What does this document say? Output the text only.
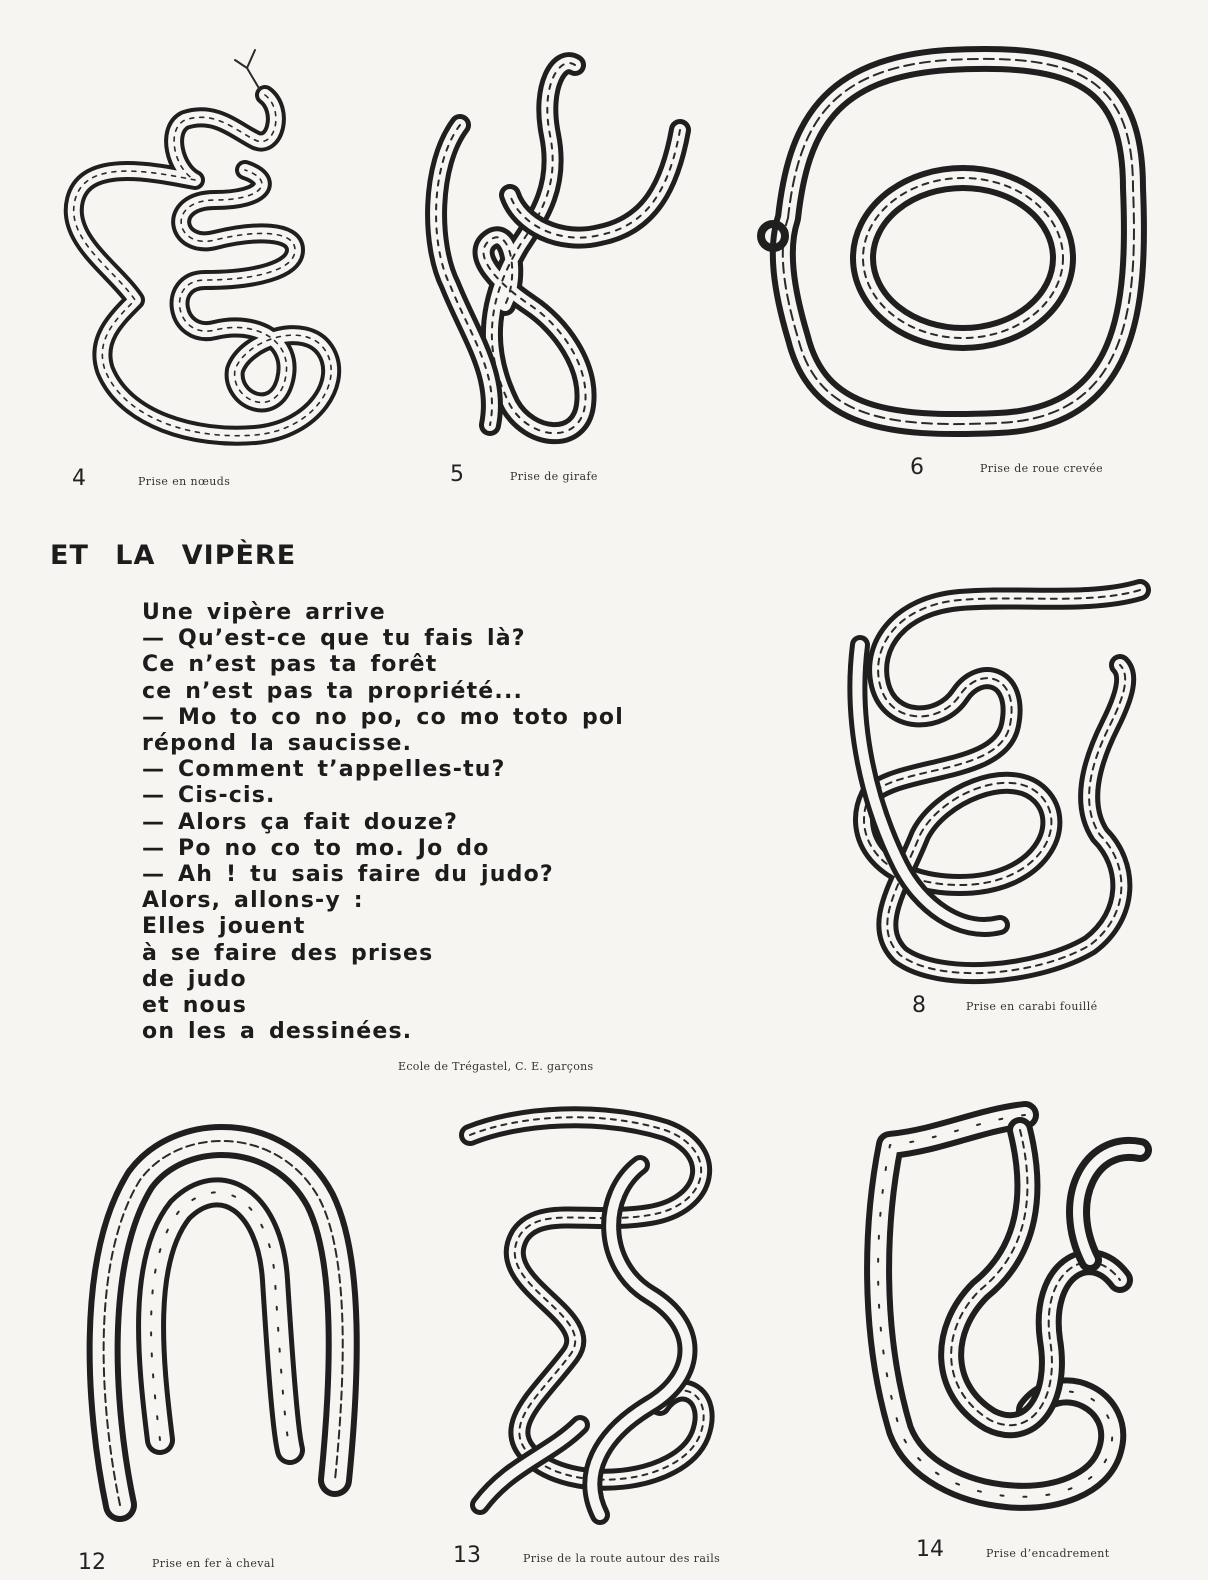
4	Prise en nœuds	5	Prise de girafe	6	Prise de roue crevée
ET LA VIPÈRE
Une vipère arrive
— Qu’est-ce que tu fais là?
Ce n’est pas ta forêt
ce n’est pas ta propriété...
— Mo to co no po, co mo toto pol
répond la saucisse.
— Comment t’appelles-tu?
— Cis-cis.
— Alors ça fait douze?
— Po no co to mo. Jo do
— Ah ! tu sais faire du judo?
Alors, allons-y :
Elles jouent
à se faire des prises
de judo
et nous
on les a dessinées.
Ecole de Trégastel, C. E. garçons
8	Prise en carabi fouillé
12	Prise en fer à cheval	13	Prise de la route autour des rails	14	Prise d’encadrement
